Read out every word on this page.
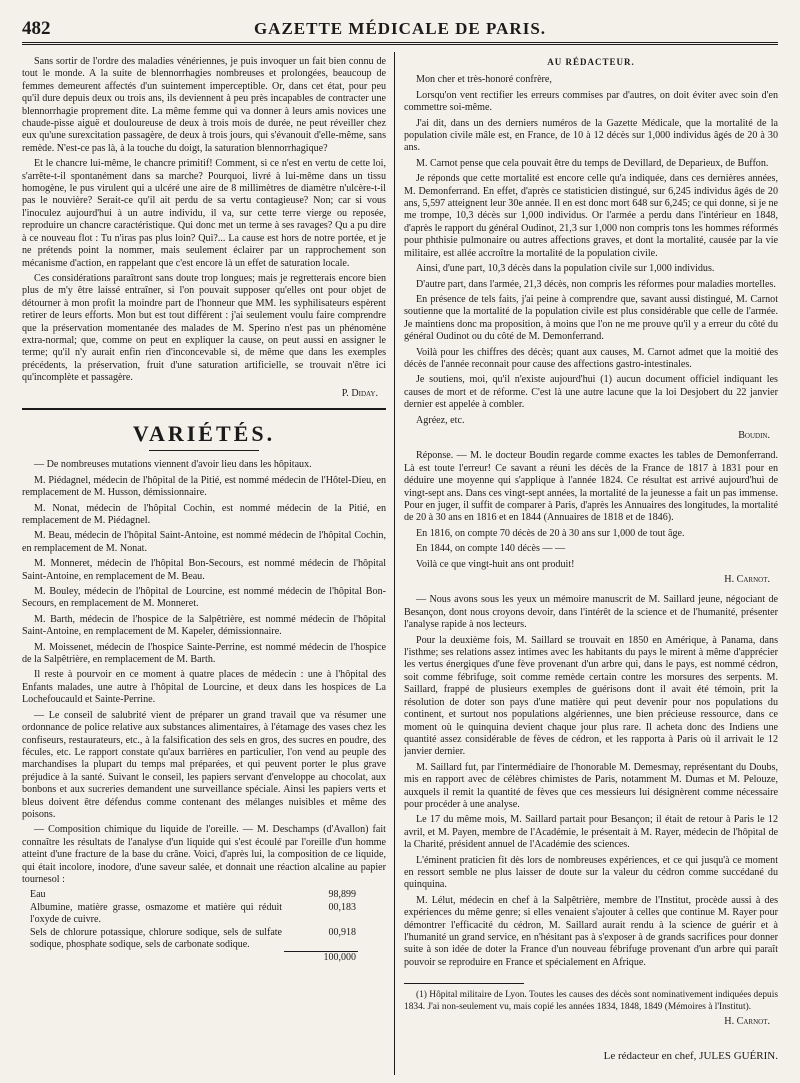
482	GAZETTE MÉDICALE DE PARIS.

Sans sortir de l'ordre des maladies vénériennes, je puis invoquer un fait bien connu de tout le monde. A la suite de blennorrhagies nombreuses et prolongées, beaucoup de femmes demeurent affectés d'un suintement imperceptible. Or, dans cet état, pour peu qu'il dure depuis deux ou trois ans, ils deviennent à peu près incapables de contracter une blennorrhagie proprement dite. La même femme qui va donner à leurs amis novices une chaude-pisse aiguë et douloureuse de deux à trois mois de durée, ne peut réveiller chez eux qu'une surexcitation passagère, de deux à trois jours, qui s'évanouit d'elle-même, sans remède. N'est-ce pas là, à la touche du doigt, la saturation blennorrhagique?

Et le chancre lui-même, le chancre primitif! Comment, si ce n'est en vertu de cette loi, s'arrête-t-il spontanément dans sa marche? Pourquoi, livré à lui-même dans un tissu homogène, le pus virulent qui a ulcéré une aire de 8 millimètres de diamètre n'ulcère-t-il pas le nouvière? Serait-ce qu'il ait perdu de sa vertu contagieuse? Non; car si vous l'inoculez aujourd'hui à un autre individu, il va, sur cette terre vierge ou reposée, reproduire un chancre caractéristique. Qui donc met un terme à ses ravages? Qu a pu dire à ce nouveau flot : Tu n'iras pas plus loin? Qui?... La cause est hors de notre portée, et je ne prétends point la nommer, mais seulement éclairer par un rapprochement son mécanisme d'action, en rappelant que c'est encore là un effet de saturation locale.

Ces considérations paraîtront sans doute trop longues; mais je regretterais encore bien plus de m'y être laissé entraîner, si l'on pouvait supposer qu'elles ont pour objet de détourner à mon profit la moindre part de l'honneur que MM. les syphilisateurs espèrent retirer de leurs efforts. Mon but est tout différent : j'ai seulement voulu faire comprendre que la préservation momentanée des malades de M. Sperino n'est pas un phénomène extra-normal; que, comme on peut en expliquer la cause, on peut aussi en assigner le terme; qu'il n'y aurait enfin rien d'inconcevable si, de même que dans les exemples précédents, la préservation, fruit d'une saturation artificielle, se trouvait n'être ici qu'incomplète et passagère.

P. Diday.
VARIÉTÉS.

— De nombreuses mutations viennent d'avoir lieu dans les hôpitaux.

M. Piédagnel, médecin de l'hôpital de la Pitié, est nommé médecin de l'Hôtel-Dieu, en remplacement de M. Husson, démissionnaire.

M. Nonat, médecin de l'hôpital Cochin, est nommé médecin de la Pitié, en remplacement de M. Piédagnel.

M. Beau, médecin de l'hôpital Saint-Antoine, est nommé médecin de l'hôpital Cochin, en remplacement de M. Nonat.

M. Monneret, médecin de l'hôpital Bon-Secours, est nommé médecin de l'hôpital Saint-Antoine, en remplacement de M. Beau.

M. Bouley, médecin de l'hôpital de Lourcine, est nommé médecin de l'hôpital Bon-Secours, en remplacement de M. Monneret.

M. Barth, médecin de l'hospice de la Salpêtrière, est nommé médecin de l'hôpital Saint-Antoine, en remplacement de M. Kapeler, démissionnaire.

M. Moissenet, médecin de l'hospice Sainte-Perrine, est nommé médecin de l'hospice de la Salpêtrière, en remplacement de M. Barth.

Il reste à pourvoir en ce moment à quatre places de médecin : une à l'hôpital des Enfants malades, une autre à l'hôpital de Lourcine, et deux dans les hospices de La Lochefoucauld et Sainte-Perrine.

— Le conseil de salubrité vient de préparer un grand travail que va résumer une ordonnance de police relative aux substances alimentaires, à l'étamage des vases chez les confiseurs, restaurateurs, etc., à la falsification des sels en gros, des sucres en poudre, des fécules, etc. Le rapport constate qu'aux barrières en particulier, l'on vend au peuple des marchandises la plupart du temps mal préparées, et qui peuvent porter le plus grave préjudice à la santé. Suivant le conseil, les papiers servant d'enveloppe au chocolat, aux bonbons et aux sucreries demandent une surveillance spéciale. Ainsi les papiers verts et bleus doivent être défendus comme contenant des mélanges nuisibles et même des poisons.

— Composition chimique du liquide de l'oreille. — M. Deschamps (d'Avallon) fait connaître les résultats de l'analyse d'un liquide qui s'est écoulé par l'oreille d'un homme atteint d'une fracture de la base du crâne. Voici, d'après lui, la composition de ce liquide, qui était incolore, inodore, d'une saveur salée, et donnait une réaction alcaline au papier tournesol :

Eau	98,899
Albumine, matière grasse, osmazome et matière qui réduit l'oxyde de cuivre.	00,183
Sels de chlorure potassique, chlorure sodique, sels de sulfate sodique, phosphate sodique, sels de carbonate sodique.	00,918
	100,000
AU RÉDACTEUR.

Mon cher et très-honoré confrère,

Lorsqu'on vent rectifier les erreurs commises par d'autres, on doit éviter avec soin d'en commettre soi-même.

J'ai dit, dans un des derniers numéros de la Gazette Médicale, que la mortalité de la population civile mâle est, en France, de 10 à 12 décès sur 1,000 individus âgés de 20 à 30 ans.

M. Carnot pense que cela pouvait être du temps de Devillard, de Deparieux, de Buffon.

Je réponds que cette mortalité est encore celle qu'a indiquée, dans ces dernières années, M. Demonferrand. En effet, d'après ce statisticien distingué, sur 6,245 individus âgés de 20 ans, 5,597 atteignent leur 30e année. Il en est donc mort 648 sur 6,245; ce qui donne, si je ne me trompe, 10,3 décès sur 1,000 individus. Or l'armée a perdu dans l'intérieur en 1848, d'après le rapport du général Oudinot, 21,3 sur 1,000 non compris tons les hommes réformés pour phthisie pulmonaire ou autres affections graves, et dont la mortalité, causée par la vie militaire, est allée accroître la mortalité de la population civile.

Ainsi, d'une part, 10,3 décès dans la population civile sur 1,000 individus.

D'autre part, dans l'armée, 21,3 décès, non compris les réformes pour maladies mortelles.

En présence de tels faits, j'ai peine à comprendre que, savant aussi distingué, M. Carnot soutienne que la mortalité de la population civile est plus considérable que celle de l'armée. Je maintiens donc ma proposition, à moins que l'on ne me prouve qu'il y a erreur du côté du général Oudinot ou du côté de M. Demonferrand.

Voilà pour les chiffres des décès; quant aux causes, M. Carnot admet que la moitié des décès de l'année reconnait pour cause des affections gastro-intestinales.

Je soutiens, moi, qu'il n'existe aujourd'hui (1) aucun document officiel indiquant les causes de mort et de réforme. C'est là une autre lacune que la loi Desjobert du 22 janvier dernier est appelée à combler.

Agréez, etc.

Boudin.

Réponse. — M. le docteur Boudin regarde comme exactes les tables de Demonferrand. Là est toute l'erreur! Ce savant a réuni les décès de la France de 1817 à 1831 pour en déduire une moyenne qui s'applique à l'année 1824. Ce résultat est arrivé aujourd'hui de vingt-sept ans. Dans ces vingt-sept années, la mortalité de la jeunesse a fait un pas immense. Pour en juger, il suffit de comparer à Paris, d'après les Annuaires des longitudes, la mortalité de 20 à 30 ans en 1816 et en 1844 (Annuaires de 1818 et de 1846).

En 1816, on compte 70 décès de 20 à 30 ans sur 1,000 de tout âge.

En 1844, on compte 140 décès — —

Voilà ce que vingt-huit ans ont produit!

H. Carnot.

— Nous avons sous les yeux un mémoire manuscrit de M. Saillard jeune, négociant de Besançon, dont nous croyons devoir, dans l'intérêt de la science et de l'humanité, présenter l'analyse rapide à nos lecteurs.

Pour la deuxième fois, M. Saillard se trouvait en 1850 en Amérique, à Panama, dans l'isthme; ses relations assez intimes avec les habitants du pays le mirent à même d'apprécier les vertus énergiques d'une fève provenant d'un arbre qui, dans le pays, est nommé cédron, soit comme fébrifuge, soit comme remède certain contre les morsures des serpents. M. Saillard, frappé de plusieurs exemples de guérisons dont il avait été témoin, prit la résolution de doter son pays d'une matière qui peut devenir pour nos populations du continent, et surtout nos populations algériennes, une bien précieuse ressource, dans ce moment où le quinquina devient chaque jour plus rare. Il acheta donc des Indiens une quantité assez considérable de fèves de cédron, et les rapporta à Paris où il arrivait le 12 janvier dernier.

M. Saillard fut, par l'intermédiaire de l'honorable M. Demesmay, représentant du Doubs, mis en rapport avec de célèbres chimistes de Paris, notamment M. Dumas et M. Pelouze, auxquels il remit la quantité de fèves que ces messieurs lui désignèrent comme nécessaire pour procéder à une analyse.

Le 17 du même mois, M. Saillard partait pour Besançon; il était de retour à Paris le 12 avril, et M. Payen, membre de l'Académie, le présentait à M. Rayer, médecin de l'hôpital de la Charité, président annuel de l'Académie des sciences.

L'éminent praticien fit dès lors de nombreuses expériences, et ce qui jusqu'à ce moment en ressort semble ne plus laisser de doute sur la valeur du cédron comme succédané du quinquina.

M. Lélut, médecin en chef à la Salpêtrière, membre de l'Institut, procède aussi à des expériences du même genre; si elles venaient s'ajouter à celles que continue M. Rayer pour démontrer l'efficacité du cédron, M. Saillard aurait rendu à la science de guérir et à l'humanité un grand service, en n'hésitant pas à s'exposer à de grands sacrifices pour donner suite à son idée de doter la France d'un nouveau fébrifuge provenant d'un arbre qui paraît pouvoir se reproduire en France et spécialement en Afrique.

(1) Hôpital militaire de Lyon. Toutes les causes des décès sont nominativement indiquées depuis 1834. J'ai non-seulement vu, mais copié les années 1834, 1848, 1849 (Mémoires à l'Institut).

H. Carnot.
Le rédacteur en chef, JULES GUÉRIN.
